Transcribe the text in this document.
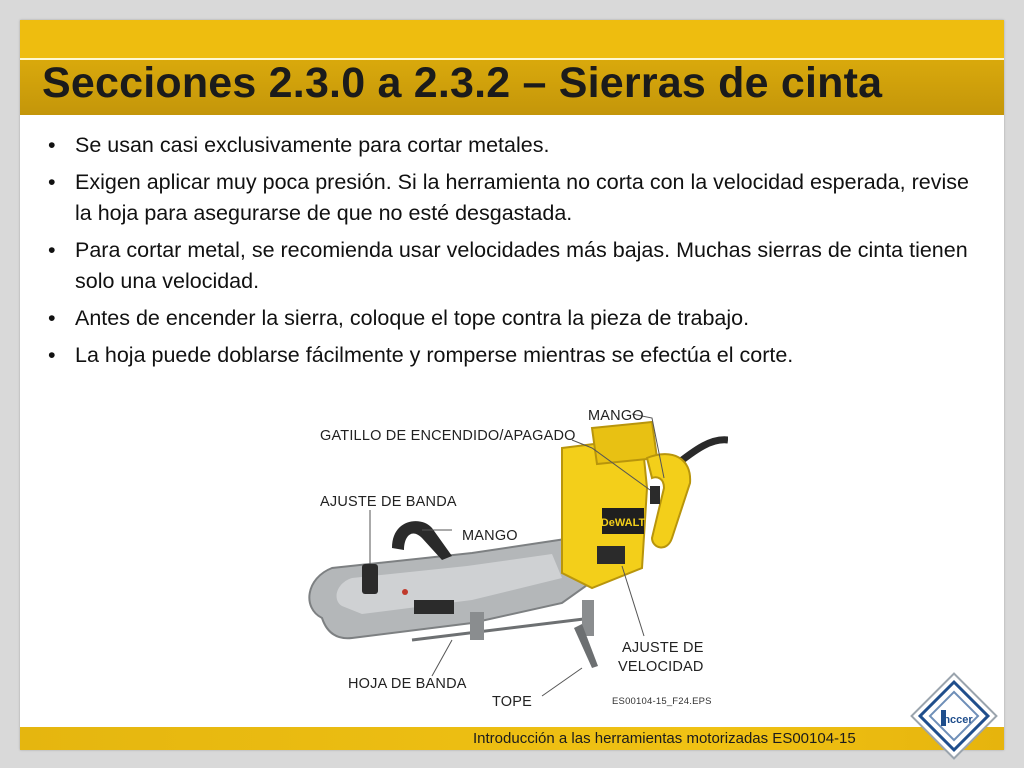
Secciones 2.3.0 a 2.3.2 – Sierras de cinta
• Se usan casi exclusivamente para cortar metales.
• Exigen aplicar muy poca presión. Si la herramienta no corta con la velocidad esperada, revise la hoja para asegurarse de que no esté desgastada.
• Para cortar metal, se recomienda usar velocidades más bajas. Muchas sierras de cinta tienen solo una velocidad.
• Antes de encender la sierra, coloque el tope contra la pieza de trabajo.
• La hoja puede doblarse fácilmente y romperse mientras se efectúa el corte.
DeWALT
MANGO
GATILLO DE ENCENDIDO/APAGADO
AJUSTE DE BANDA
MANGO
HOJA DE BANDA
AJUSTE DE
VELOCIDAD
TOPE	ES00104-15_F24.EPS
Introducción a las herramientas motorizadas ES00104-15
nccer
